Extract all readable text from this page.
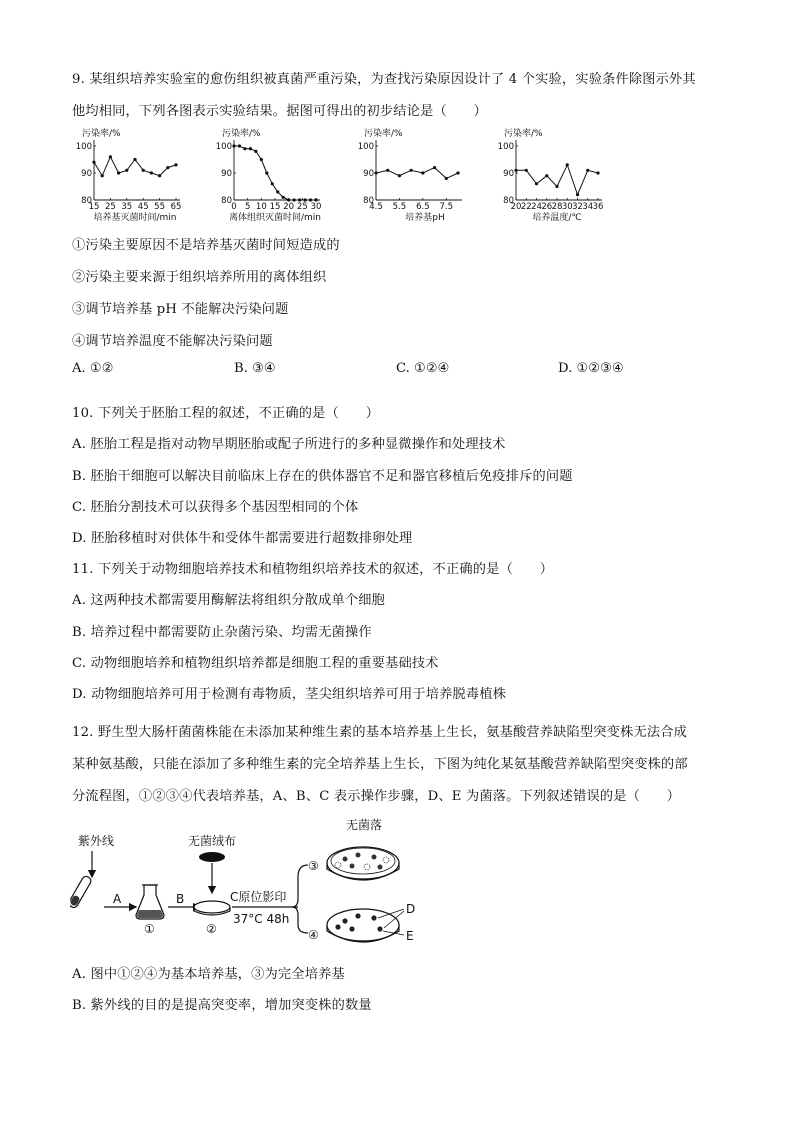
9. 某组织培养实验室的愈伤组织被真菌严重污染，为查找污染原因设计了 4 个实验，实验条件除图示外其
他均相同，下列各图表示实验结果。据图可得出的初步结论是（　　）
污染率/%
80
90
100
15 25 35 45 55 65
培养基灭菌时间/min
污染率/%
80
90
100
0 5 10 15 20 25 30
离体组织灭菌时间/min
污染率/%
80
90
100
4.5 5.5 6.5 7.5
培养基pH
污染率/%
80
90
100
20 22 24 26 28 30 32 34 36
培养温度/℃
①污染主要原因不是培养基灭菌时间短造成的
②污染主要来源于组织培养所用的离体组织
③调节培养基 pH 不能解决污染问题
④调节培养温度不能解决污染问题
A. ①②	B. ③④	C. ①②④	D. ①②③④
10. 下列关于胚胎工程的叙述，不正确的是（　　）
A. 胚胎工程是指对动物早期胚胎或配子所进行的多种显微操作和处理技术
B. 胚胎干细胞可以解决目前临床上存在的供体器官不足和器官移植后免疫排斥的问题
C. 胚胎分割技术可以获得多个基因型相同的个体
D. 胚胎移植时对供体牛和受体牛都需要进行超数排卵处理
11. 下列关于动物细胞培养技术和植物组织培养技术的叙述，不正确的是（　　）
A. 这两种技术都需要用酶解法将组织分散成单个细胞
B. 培养过程中都需要防止杂菌污染、均需无菌操作
C. 动物细胞培养和植物组织培养都是细胞工程的重要基础技术
D. 动物细胞培养可用于检测有毒物质，茎尖组织培养可用于培养脱毒植株
12. 野生型大肠杆菌菌株能在未添加某种维生素的基本培养基上生长，氨基酸营养缺陷型突变株无法合成
某种氨基酸，只能在添加了多种维生素的完全培养基上生长，下图为纯化某氨基酸营养缺陷型突变株的部
分流程图，①②③④代表培养基，A、B、C 表示操作步骤，D、E 为菌落。下列叙述错误的是（　　）
紫外线
A
①
B
无菌绒布
②
C原位影印
37°C 48h
③
④
无菌落
D
E
A. 图中①②④为基本培养基，③为完全培养基
B. 紫外线的目的是提高突变率，增加突变株的数量
